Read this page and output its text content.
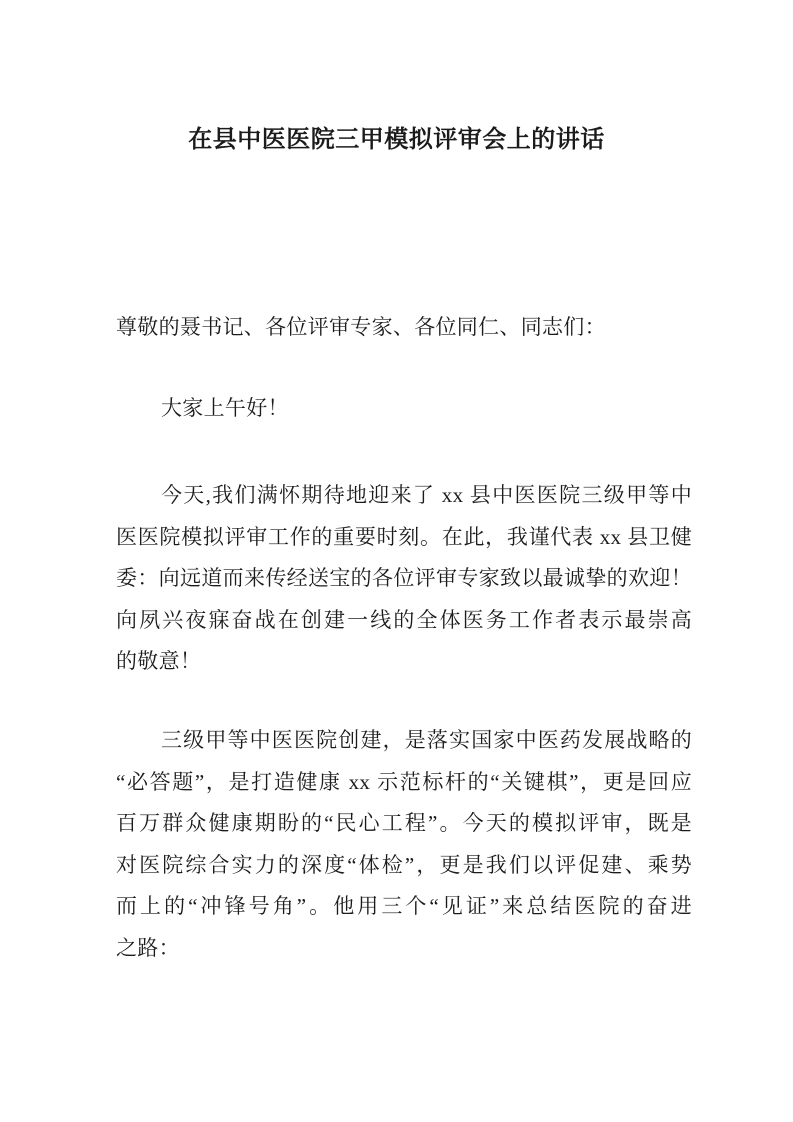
在县中医医院三甲模拟评审会上的讲话
尊敬的聂书记、各位评审专家、各位同仁、同志们：
大家上午好！
今天,我们满怀期待地迎来了 xx 县中医医院三级甲等中
医医院模拟评审工作的重要时刻。在此，我谨代表 xx 县卫健
委：向远道而来传经送宝的各位评审专家致以最诚挚的欢迎！
向夙兴夜寐奋战在创建一线的全体医务工作者表示最崇高
的敬意！
三级甲等中医医院创建，是落实国家中医药发展战略的
“必答题”，是打造健康 xx 示范标杆的“关键棋”，更是回应
百万群众健康期盼的“民心工程”。今天的模拟评审，既是
对医院综合实力的深度“体检”，更是我们以评促建、乘势
而上的“冲锋号角”。他用三个“见证”来总结医院的奋进
之路：
